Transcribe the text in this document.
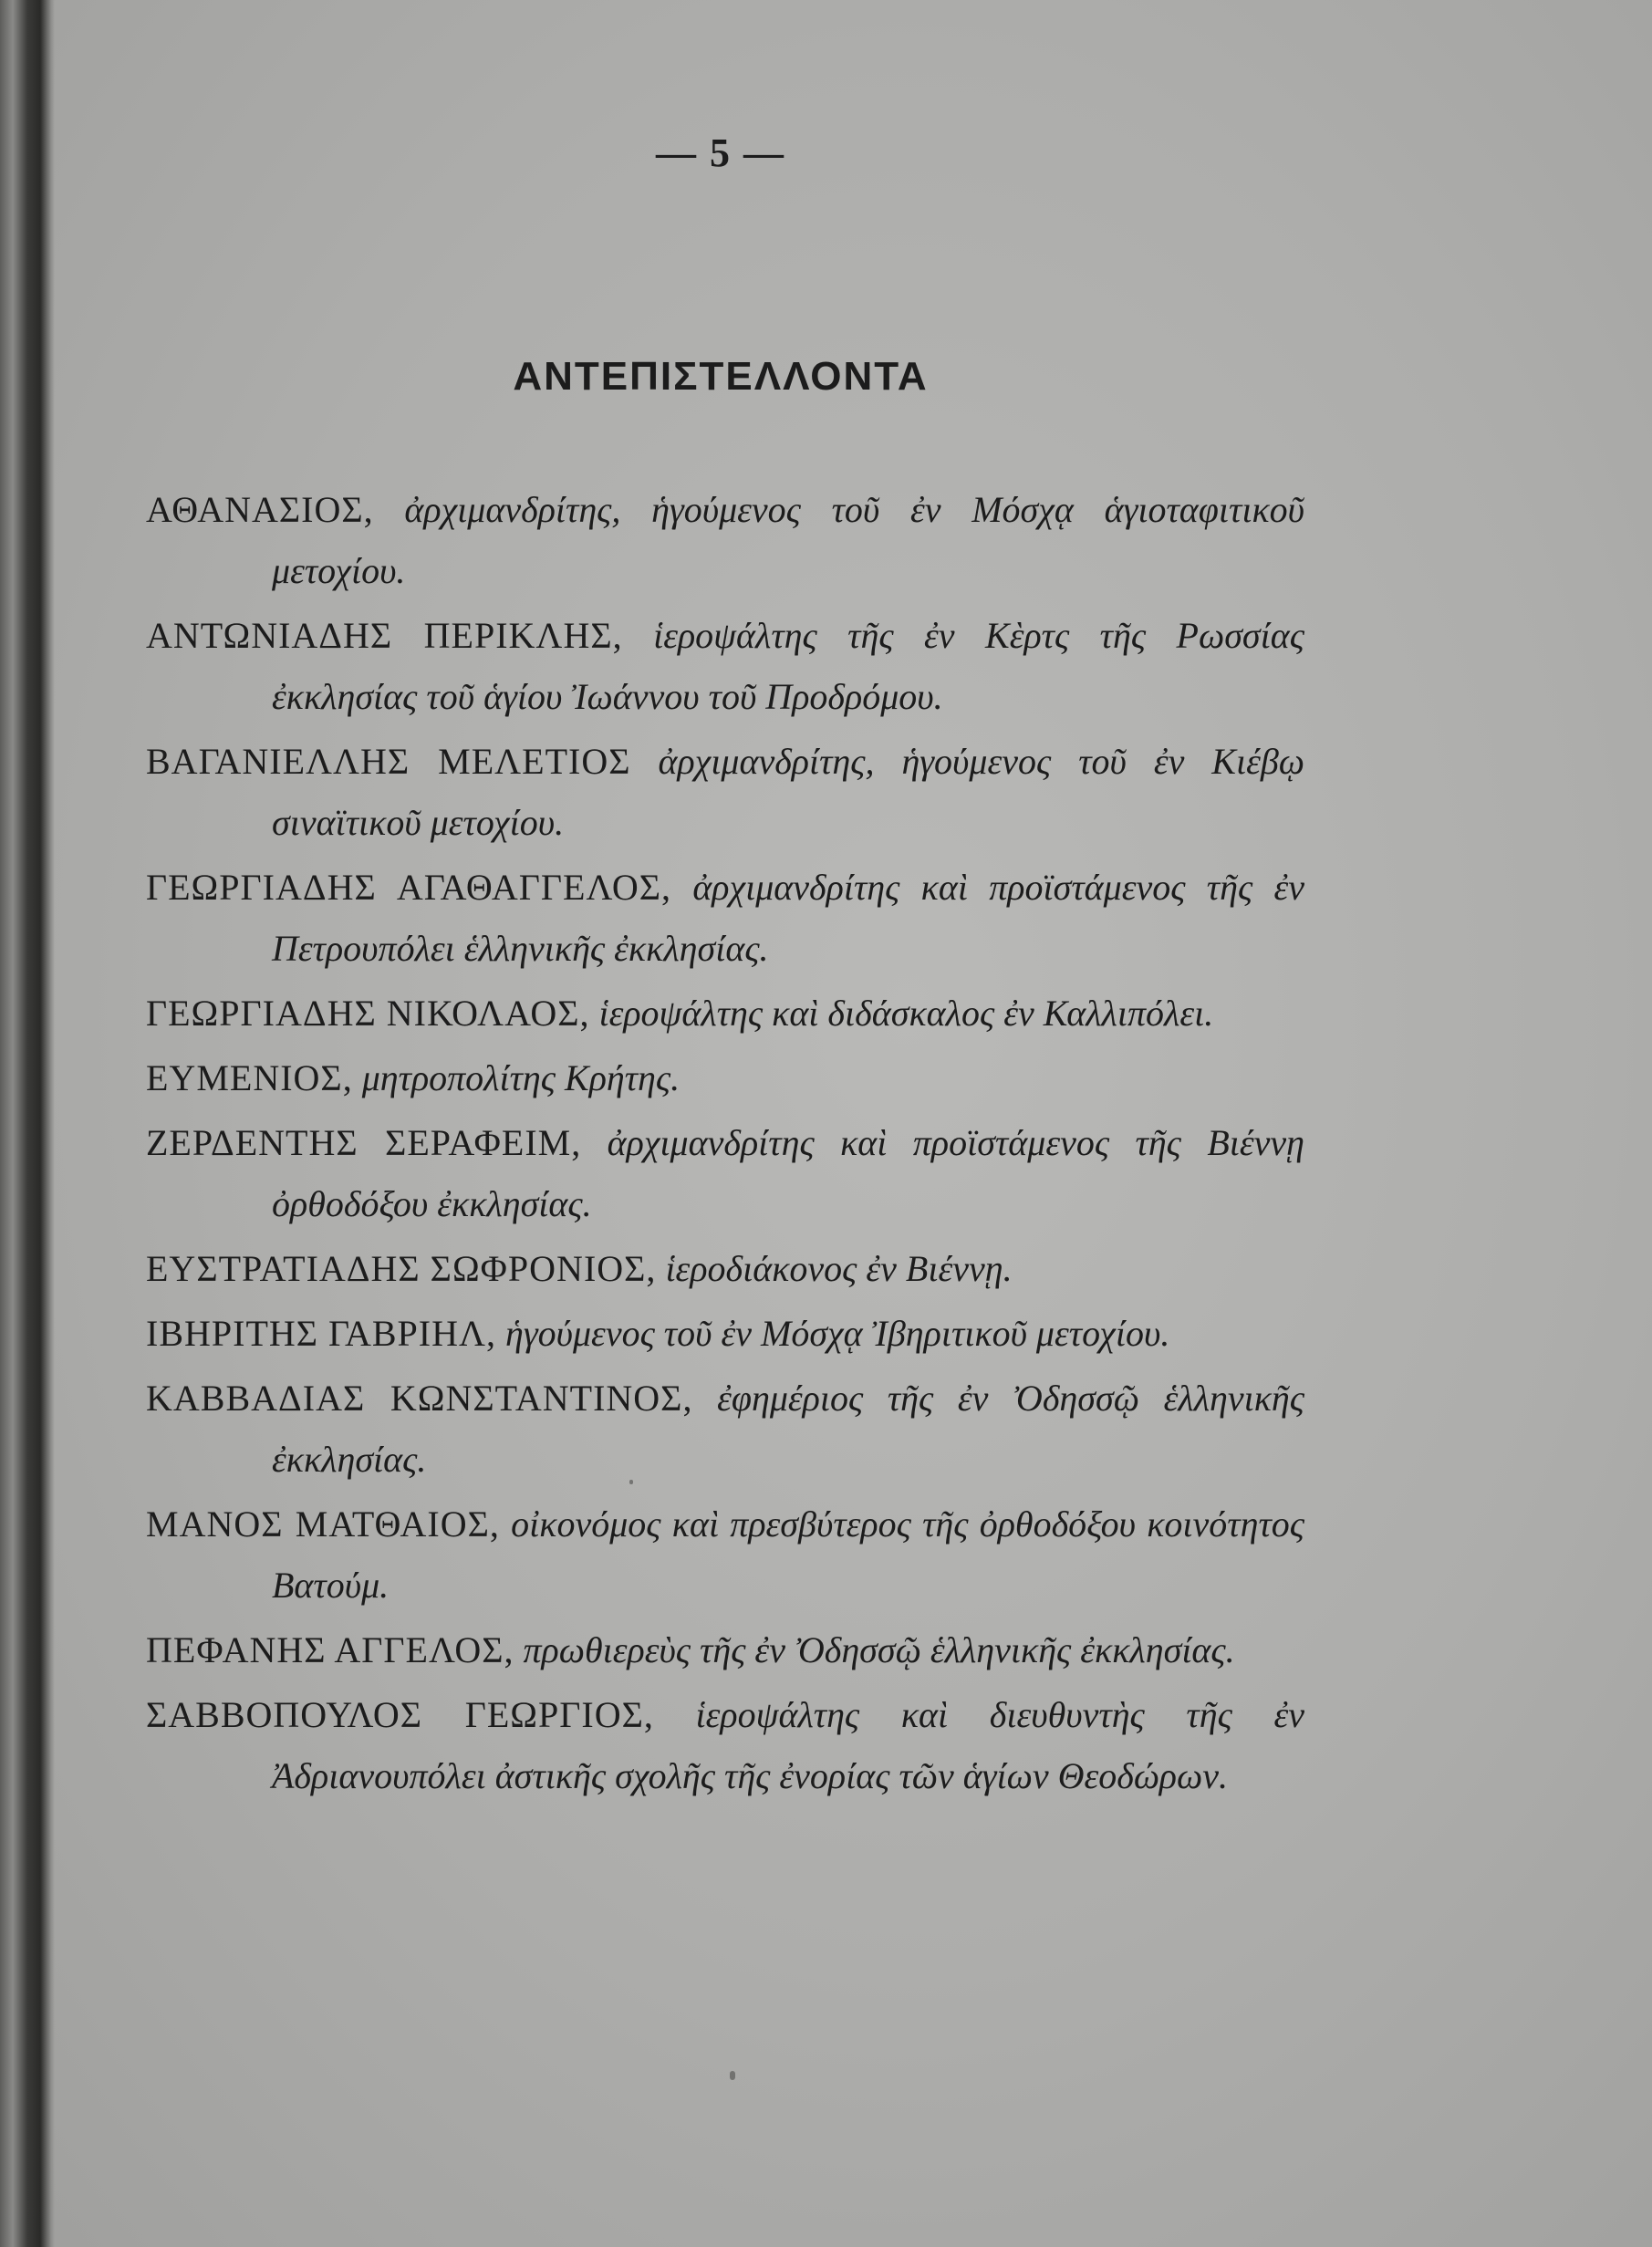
— 5 —
ΑΝΤΕΠΙΣΤΕΛΛΟΝΤΑ

ΑΘΑΝΑΣΙΟΣ, ἀρχιμανδρίτης, ἡγούμενος τοῦ ἐν Μόσχᾳ ἁγιοταφιτικοῦ μετοχίου.

ΑΝΤΩΝΙΑΔΗΣ ΠΕΡΙΚΛΗΣ, ἱεροψάλτης τῆς ἐν Κὲρτς τῆς Ρωσσίας ἐκκλησίας τοῦ ἁγίου Ἰωάννου τοῦ Προδρόμου.

ΒΑΓΑΝΙΕΛΛΗΣ ΜΕΛΕΤΙΟΣ ἀρχιμανδρίτης, ἡγούμενος τοῦ ἐν Κιέβῳ σιναϊτικοῦ μετοχίου.

ΓΕΩΡΓΙΑΔΗΣ ΑΓΑΘΑΓΓΕΛΟΣ, ἀρχιμανδρίτης καὶ προϊστάμενος τῆς ἐν Πετρουπόλει ἑλληνικῆς ἐκκλησίας.

ΓΕΩΡΓΙΑΔΗΣ ΝΙΚΟΛΑΟΣ, ἱεροψάλτης καὶ διδάσκαλος ἐν Καλλιπόλει.

ΕΥΜΕΝΙΟΣ, μητροπολίτης Κρήτης.

ΖΕΡΔΕΝΤΗΣ ΣΕΡΑΦΕΙΜ, ἀρχιμανδρίτης καὶ προϊστάμενος τῆς Βιέννῃ ὀρθοδόξου ἐκκλησίας.

ΕΥΣΤΡΑΤΙΑΔΗΣ ΣΩΦΡΟΝΙΟΣ, ἱεροδιάκονος ἐν Βιέννῃ.

ΙΒΗΡΙΤΗΣ ΓΑΒΡΙΗΛ, ἡγούμενος τοῦ ἐν Μόσχᾳ Ἰβηριτικοῦ μετοχίου.

ΚΑΒΒΑΔΙΑΣ ΚΩΝΣΤΑΝΤΙΝΟΣ, ἐφημέριος τῆς ἐν Ὀδησσῷ ἑλληνικῆς ἐκκλησίας.

ΜΑΝΟΣ ΜΑΤΘΑΙΟΣ, οἰκονόμος καὶ πρεσβύτερος τῆς ὀρθοδόξου κοινότητος Βατούμ.

ΠΕΦΑΝΗΣ ΑΓΓΕΛΟΣ, πρωθιερεὺς τῆς ἐν Ὀδησσῷ ἑλληνικῆς ἐκκλησίας.

ΣΑΒΒΟΠΟΥΛΟΣ ΓΕΩΡΓΙΟΣ, ἱεροψάλτης καὶ διευθυντὴς τῆς ἐν Ἀδριανουπόλει ἀστικῆς σχολῆς τῆς ἐνορίας τῶν ἁγίων Θεοδώρων.
